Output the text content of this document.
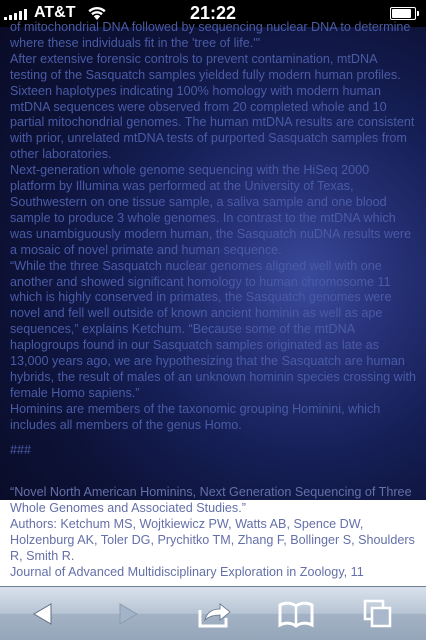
AT&T	21:22

of mitochondrial DNA followed by sequencing nuclear DNA to determine where these individuals fit in the 'tree of life.'"

After extensive forensic controls to prevent contamination, mtDNA testing of the Sasquatch samples yielded fully modern human profiles. Sixteen haplotypes indicating 100% homology with modern human mtDNA sequences were observed from 20 completed whole and 10 partial mitochondrial genomes. The human mtDNA results are consistent with prior, unrelated mtDNA tests of purported Sasquatch samples from other laboratories.

Next-generation whole genome sequencing with the HiSeq 2000 platform by Illumina was performed at the University of Texas, Southwestern on one tissue sample, a saliva sample and one blood sample to produce 3 whole genomes. In contrast to the mtDNA which was unambiguously modern human, the Sasquatch nuDNA results were a mosaic of novel primate and human sequence.

“While the three Sasquatch nuclear genomes aligned well with one another and showed significant homology to human chromosome 11 which is highly conserved in primates, the Sasquatch genomes were novel and fell well outside of known ancient hominin as well as ape sequences,” explains Ketchum. “Because some of the mtDNA haplogroups found in our Sasquatch samples originated as late as 13,000 years ago, we are hypothesizing that the Sasquatch are human hybrids, the result of males of an unknown hominin species crossing with female Homo sapiens.”

Hominins are members of the taxonomic grouping Hominini, which includes all members of the genus Homo.

###

“Novel North American Hominins, Next Generation Sequencing of Three Whole Genomes and Associated Studies.”

Authors: Ketchum MS, Wojtkiewicz PW, Watts AB, Spence DW, Holzenburg AK, Toler DG, Prychitko TM, Zhang F, Bollinger S, Shoulders R, Smith R.

Journal of Advanced Multidisciplinary Exploration in Zoology, 11
